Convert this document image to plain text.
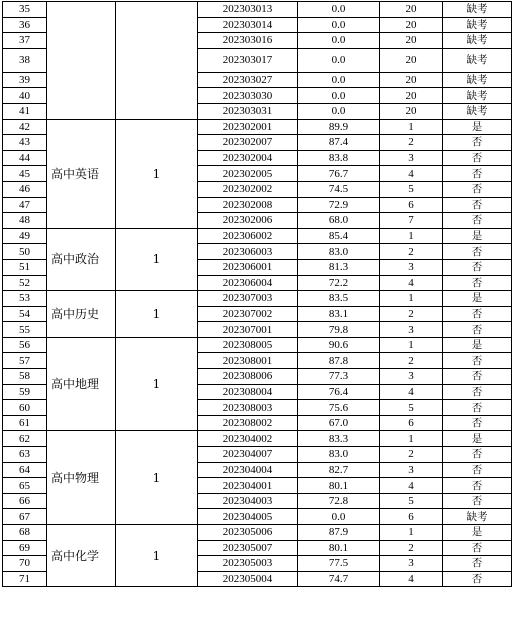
35			202303013	0.0	20	缺考
36			202303014	0.0	20	缺考
37			202303016	0.0	20	缺考
38			202303017	0.0	20	缺考
39			202303027	0.0	20	缺考
40			202303030	0.0	20	缺考
41			202303031	0.0	20	缺考
42	高中英语	1	202302001	89.9	1	是
43			202302007	87.4	2	否
44			202302004	83.8	3	否
45			202302005	76.7	4	否
46			202302002	74.5	5	否
47			202302008	72.9	6	否
48			202302006	68.0	7	否
49	高中政治	1	202306002	85.4	1	是
50			202306003	83.0	2	否
51			202306001	81.3	3	否
52			202306004	72.2	4	否
53	高中历史	1	202307003	83.5	1	是
54			202307002	83.1	2	否
55			202307001	79.8	3	否
56	高中地理	1	202308005	90.6	1	是
57			202308001	87.8	2	否
58			202308006	77.3	3	否
59			202308004	76.4	4	否
60			202308003	75.6	5	否
61			202308002	67.0	6	否
62	高中物理	1	202304002	83.3	1	是
63			202304007	83.0	2	否
64			202304004	82.7	3	否
65			202304001	80.1	4	否
66			202304003	72.8	5	否
67			202304005	0.0	6	缺考
68	高中化学	1	202305006	87.9	1	是
69			202305007	80.1	2	否
70			202305003	77.5	3	否
71			202305004	74.7	4	否
